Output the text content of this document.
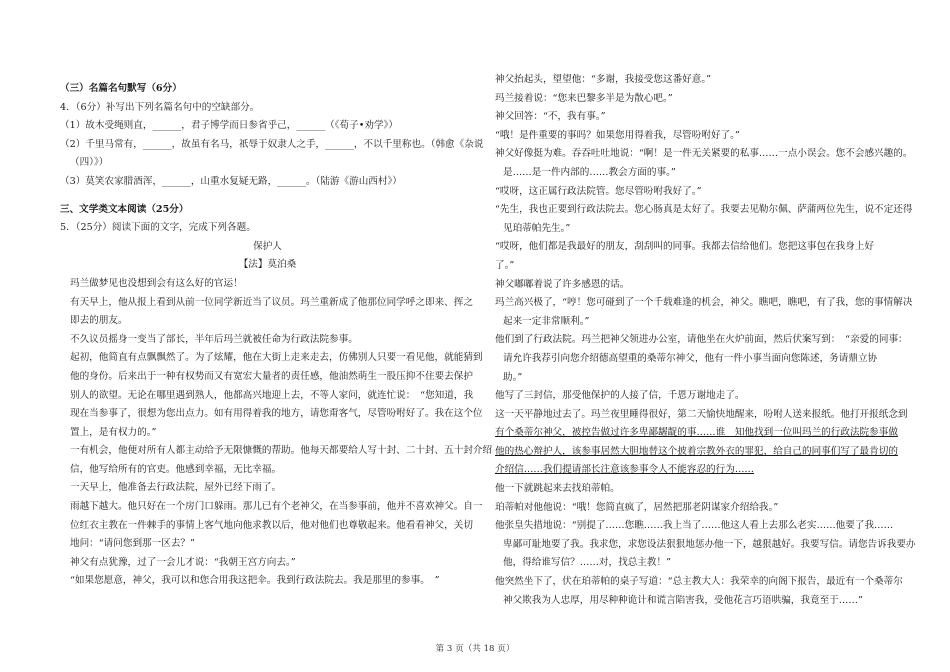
（三）名篇名句默写（6分）

4．（6分）补写出下列名篇名句中的空缺部分。

（1）故木受绳则直，______，君子博学而日参省乎己，______（《荀子•劝学》）

（2）千里马常有，______，故虽有名马，祇辱于奴隶人之手，______，不以千里称也。（韩愈《杂说

（四）》）

（3）莫笑农家腊酒浑，______，山重水复疑无路，______。（陆游《游山西村》）

三、文学类文本阅读（25分）

5．（25分）阅读下面的文字，完成下列各题。

保护人

【法】莫泊桑

玛兰做梦见也没想到会有这么好的官运！

有天早上，他从报上看到从前一位同学新近当了议员。玛兰重新成了他那位同学呼之即来、挥之

即去的朋友。

不久议员摇身一变当了部长，半年后玛兰就被任命为行政法院参事。

起初，他简直有点飘飘然了。为了炫耀，他在大街上走来走去，仿佛别人只要一看见他，就能猜到

他的身份。后来出于一种有权势而又有宽宏大量者的责任感，他油然萌生一股压抑不住要去保护

别人的欲望。无论在哪里遇到熟人，他都高兴地迎上去，不等人家问，就连忙说：　“您知道，我

现在当参事了，很想为您出点力。如有用得着我的地方，请您甭客气，尽管吩咐好了。我在这个位

置上，是有权力的。”

一有机会，他便对所有人都主动给予无限慷慨的帮助。他每天都要给人写十封、二十封、五十封介绍

信，他写给所有的官吏。他感到幸福，无比幸福。

一天早上，他准备去行政法院，屋外已经下雨了。

雨越下越大。他只好在一个房门口躲雨。那儿已有个老神父，在当参事前，他并不喜欢神父。自一

位红衣主教在一件棘手的事情上客气地向他求教以后，他对他们也尊敬起来。他看看神父，关切

地问：“请问您到那一区去？”

神父有点犹豫，过了一会儿才说：“我朝王宫方向去。”

“如果您愿意，神父，我可以和您合用我这把伞。我到行政法院去。我是那里的参事。　”

神父抬起头，望望他：“多谢，我接受您这番好意。”

玛兰接着说：“您来巴黎多半是为散心吧。”

神父回答：“不，我有事。”

“哦！是件重要的事吗？如果您用得着我，尽管吩咐好了。”

神父好像挺为难。吞吞吐吐地说：“啊！是一件无关紧要的私事……一点小误会。您不会感兴趣的。

是……是一件内部的……教会方面的事。”

“哎呀，这正属行政法院管。您尽管吩咐我好了。”

“先生，我也正要到行政法院去。您心肠真是太好了。我要去见勒尔佩、萨蒲两位先生，说不定还得

见珀蒂帕先生。”

“哎呀，他们都是我最好的朋友，刮刮叫的同事。我都去信给他们。您把这事包在我身上好

了。”

神父嘟嘟着说了许多感恩的话。

玛兰高兴极了，“哼！您可碰到了一个千载难逢的机会，神父。瞧吧，瞧吧，有了我，您的事情解决

起来一定非常顺利。”

他们到了行政法院。玛兰把神父领进办公室，请他坐在火炉前面，然后伏案写到：　“亲爱的同事：

请允许我荐引向您介绍德高望重的桑蒂尔神父，他有一件小事当面向您陈述，务请鼎立协

助。”

他写了三封信，那受他保护的人接了信，千恩万谢地走了。

这一天平静地过去了。玛兰夜里睡得很好，第二天愉快地醒来，吩咐人送来报纸。他打开报纸念到

有个桑蒂尔神父，被控告做过许多卑鄙龌龊的事……谁　知他找到一位叫玛兰的行政法院参事做

他的热心辩护人，该参事居然大胆地替这个披着宗教外衣的罪犯，给自己的同事们写了最肯切的

介绍信……我们提请部长注意该参事令人不能容忍的行为……

他一下就跳起来去找珀蒂帕。

珀蒂帕对他他说：“哦！您简直疯了，居然把那老阴谋家介绍给我。”

他张皇失措地说：“别提了……您瞧……我上当了……他这人看上去那么老实……他要了我……

卑鄙可耻地要了我。我求您，求您设法狠狠地惩办他一下，越狠越好。我要写信。请您告诉我要办

他，得给谁写信？……对，找总主教！”

他突然坐下了，伏在珀蒂帕的桌子写道：“总主教大人：我荣幸的向阁下报告，最近有一个桑蒂尔

神父欺我为人忠厚，用尽种种诡计和谎言陷害我，受他花言巧语哄骗，我竟至于……”

第 3 页（共 18 页）
